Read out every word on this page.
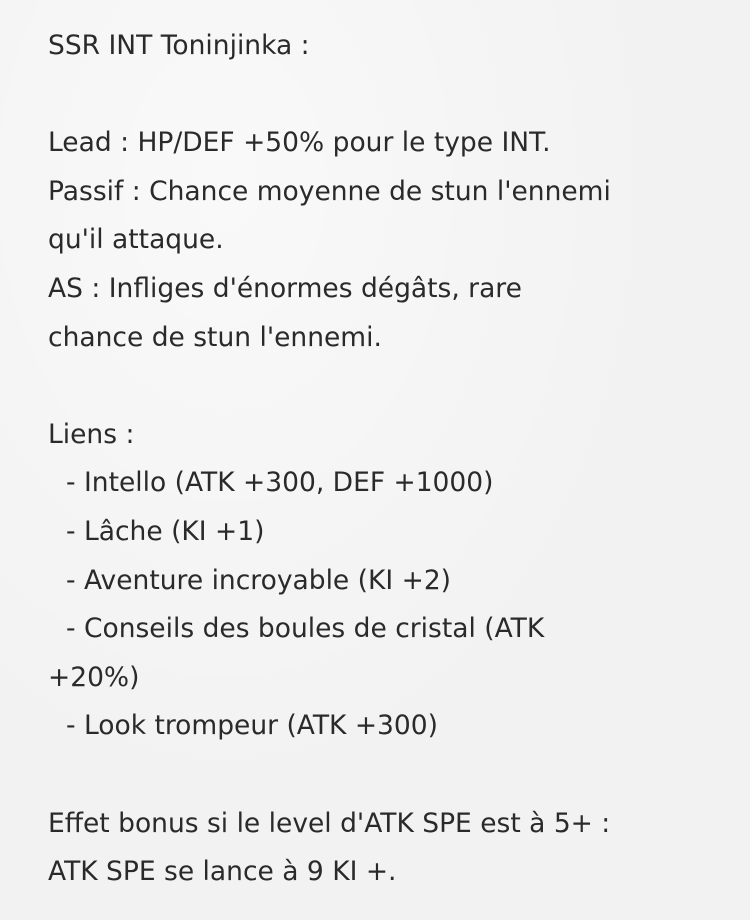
SSR INT Toninjinka :
Lead : HP/DEF +50% pour le type INT.
Passif : Chance moyenne de stun l'ennemi
qu'il attaque.
AS : Infliges d'énormes dégâts, rare
chance de stun l'ennemi.
Liens :
- Intello (ATK +300, DEF +1000)
- Lâche (KI +1)
- Aventure incroyable (KI +2)
- Conseils des boules de cristal (ATK
+20%)
- Look trompeur (ATK +300)
Effet bonus si le level d'ATK SPE est à 5+ :
ATK SPE se lance à 9 KI +.
